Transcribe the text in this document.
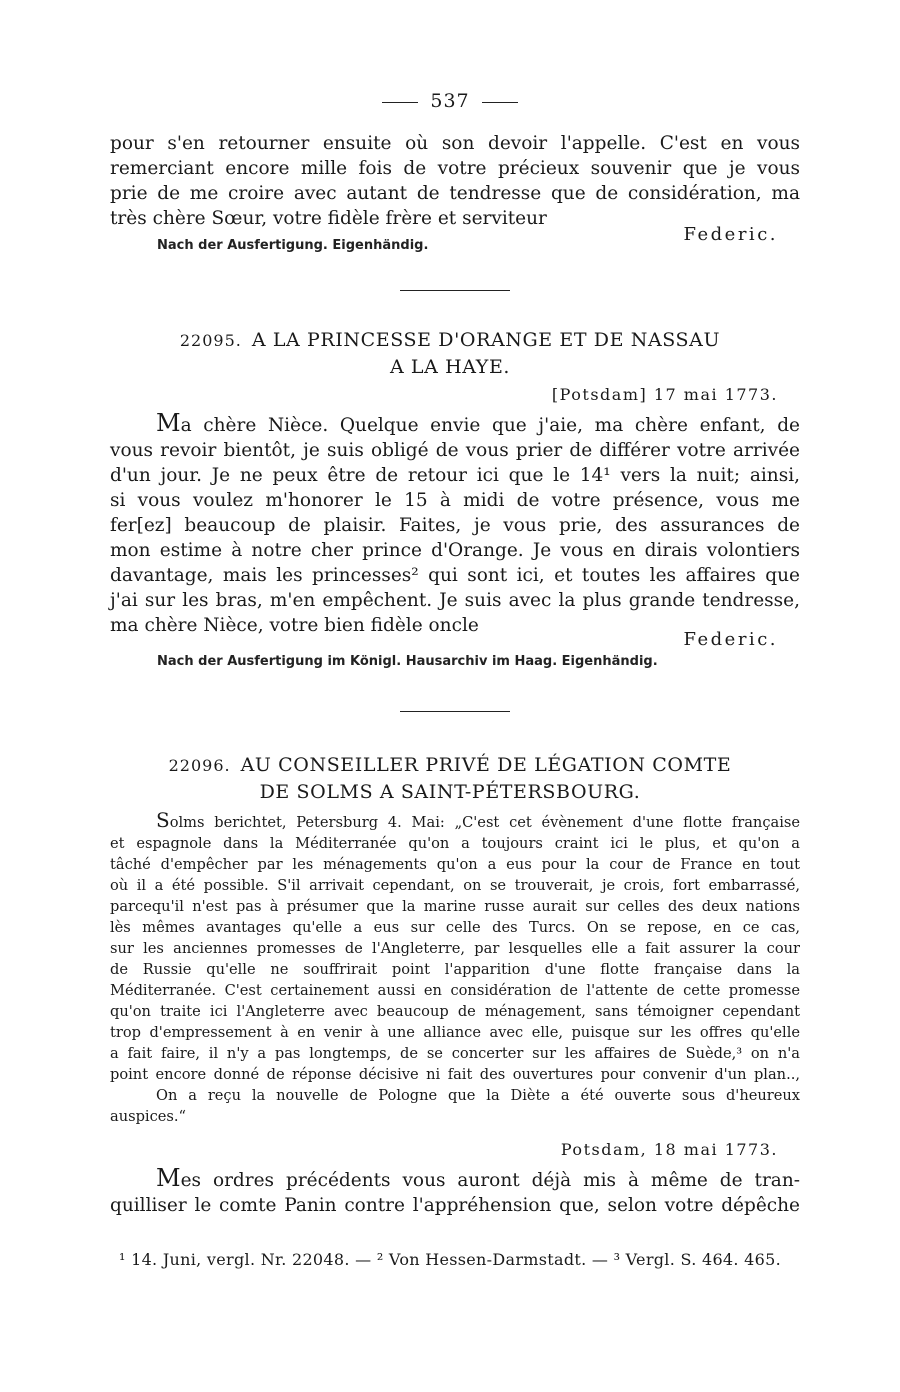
537
pour s'en retourner ensuite où son devoir l'appelle. C'est en vous
remerciant encore mille fois de votre précieux souvenir que je vous
prie de me croire avec autant de tendresse que de considération, ma
très chère Sœur, votre fidèle frère et serviteur
Federic.
Nach der Ausfertigung. Eigenhändig.
22095. A LA PRINCESSE D'ORANGE ET DE NASSAU
A LA HAYE.
[Potsdam] 17 mai 1773.
Ma chère Nièce. Quelque envie que j'aie, ma chère enfant, de
vous revoir bientôt, je suis obligé de vous prier de différer votre arrivée
d'un jour. Je ne peux être de retour ici que le 14¹ vers la nuit; ainsi,
si vous voulez m'honorer le 15 à midi de votre présence, vous me
fer[ez] beaucoup de plaisir. Faites, je vous prie, des assurances de
mon estime à notre cher prince d'Orange. Je vous en dirais volontiers
davantage, mais les princesses² qui sont ici, et toutes les affaires que
j'ai sur les bras, m'en empêchent. Je suis avec la plus grande tendresse,
ma chère Nièce, votre bien fidèle oncle
Federic.
Nach der Ausfertigung im Königl. Hausarchiv im Haag. Eigenhändig.
22096. AU CONSEILLER PRIVÉ DE LÉGATION COMTE
DE SOLMS A SAINT-PÉTERSBOURG.
Solms berichtet, Petersburg 4. Mai: „C'est cet évènement d'une flotte française
et espagnole dans la Méditerranée qu'on a toujours craint ici le plus, et qu'on a
tâché d'empêcher par les ménagements qu'on a eus pour la cour de France en tout
où il a été possible. S'il arrivait cependant, on se trouverait, je crois, fort embarrassé,
parcequ'il n'est pas à présumer que la marine russe aurait sur celles des deux nations
lès mêmes avantages qu'elle a eus sur celle des Turcs. On se repose, en ce cas,
sur les anciennes promesses de l'Angleterre, par lesquelles elle a fait assurer la cour
de Russie qu'elle ne souffrirait point l'apparition d'une flotte française dans la
Méditerranée. C'est certainement aussi en considération de l'attente de cette promesse
qu'on traite ici l'Angleterre avec beaucoup de ménagement, sans témoigner cependant
trop d'empressement à en venir à une alliance avec elle, puisque sur les offres qu'elle
a fait faire, il n'y a pas longtemps, de se concerter sur les affaires de Suède,³ on n'a
point encore donné de réponse décisive ni fait des ouvertures pour convenir d'un plan..,
On a reçu la nouvelle de Pologne que la Diète a été ouverte sous d'heureux
auspices.“
Potsdam, 18 mai 1773.
Mes ordres précédents vous auront déjà mis à même de tran-
quilliser le comte Panin contre l'appréhension que, selon votre dépêche
¹ 14. Juni, vergl. Nr. 22048. — ² Von Hessen-Darmstadt. — ³ Vergl. S. 464. 465.
